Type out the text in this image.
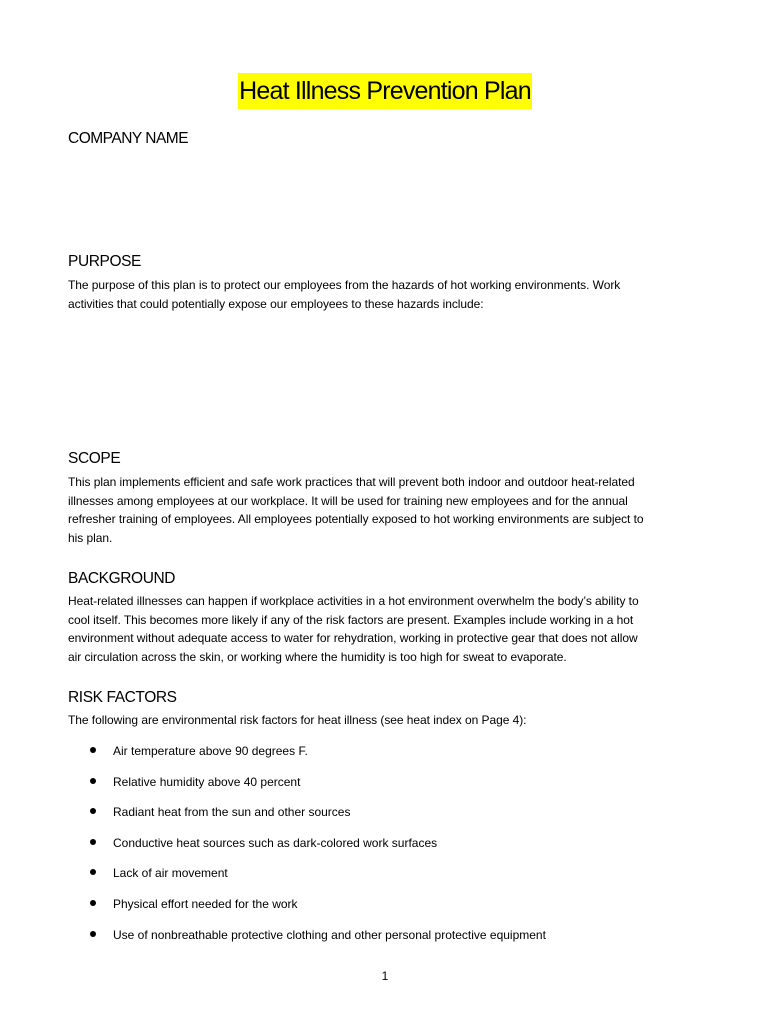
Heat Illness Prevention Plan
COMPANY NAME
PURPOSE
The purpose of this plan is to protect our employees from the hazards of hot working environments. Work
activities that could potentially expose our employees to these hazards include:
SCOPE
This plan implements efficient and safe work practices that will prevent both indoor and outdoor heat-related
illnesses among employees at our workplace. It will be used for training new employees and for the annual
refresher training of employees. All employees potentially exposed to hot working environments are subject to
his plan.
BACKGROUND
Heat-related illnesses can happen if workplace activities in a hot environment overwhelm the body’s ability to
cool itself. This becomes more likely if any of the risk factors are present. Examples include working in a hot
environment without adequate access to water for rehydration, working in protective gear that does not allow
air circulation across the skin, or working where the humidity is too high for sweat to evaporate.
RISK FACTORS
The following are environmental risk factors for heat illness (see heat index on Page 4):
Air temperature above 90 degrees F.
Relative humidity above 40 percent
Radiant heat from the sun and other sources
Conductive heat sources such as dark-colored work surfaces
Lack of air movement
Physical effort needed for the work
Use of nonbreathable protective clothing and other personal protective equipment
1
